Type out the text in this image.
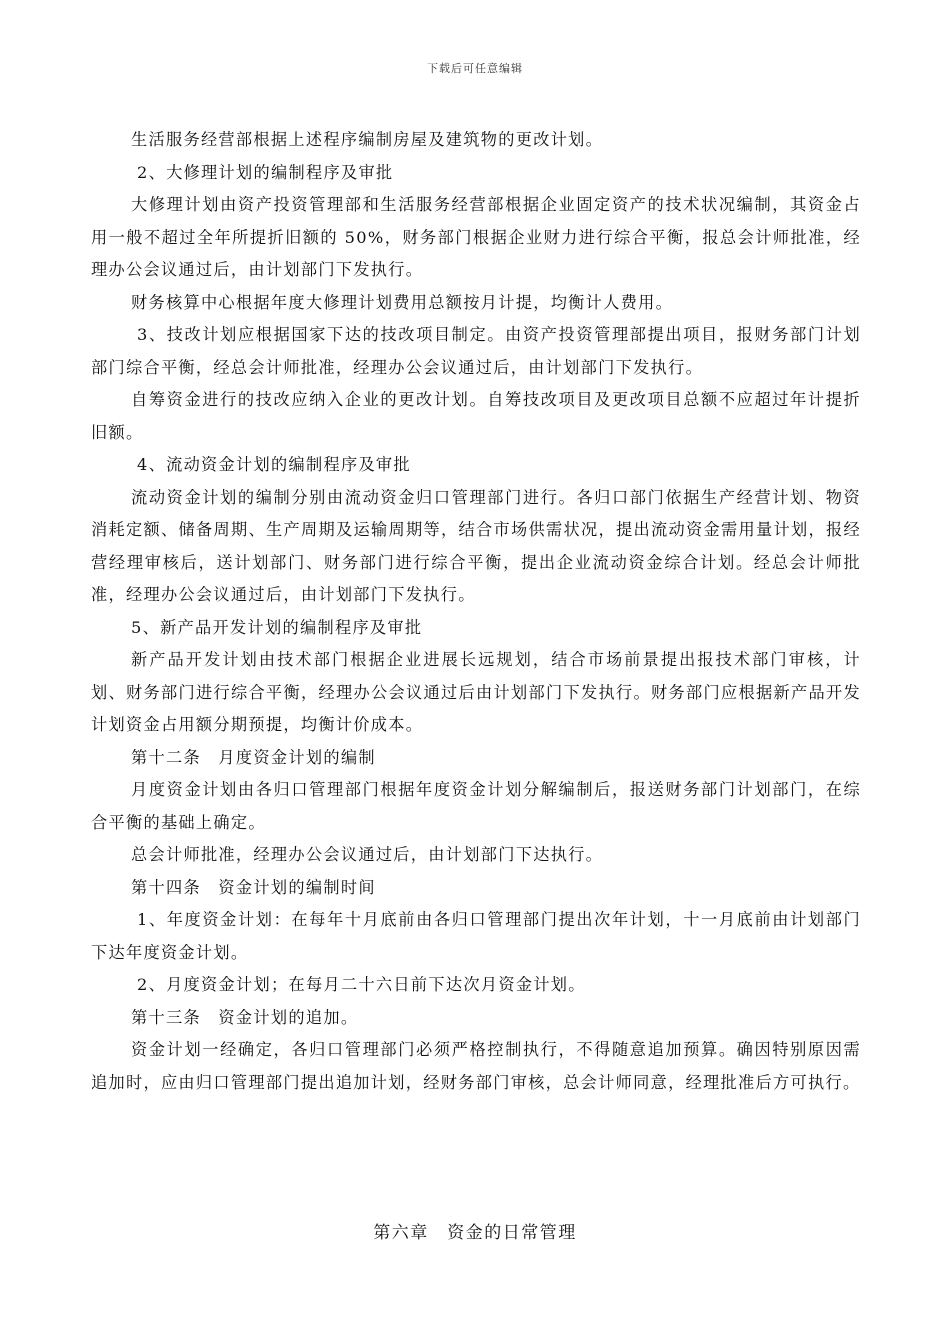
下载后可任意编辑

生活服务经营部根据上述程序编制房屋及建筑物的更改计划。

2、大修理计划的编制程序及审批

大修理计划由资产投资管理部和生活服务经营部根据企业固定资产的技术状况编制，其资金占用一般不超过全年所提折旧额的 50%，财务部门根据企业财力进行综合平衡，报总会计师批准，经理办公会议通过后，由计划部门下发执行。

财务核算中心根据年度大修理计划费用总额按月计提，均衡计人费用。

3、技改计划应根据国家下达的技改项目制定。由资产投资管理部提出项目，报财务部门计划部门综合平衡，经总会计师批准，经理办公会议通过后，由计划部门下发执行。

自筹资金进行的技改应纳入企业的更改计划。自筹技改项目及更改项目总额不应超过年计提折旧额。

4、流动资金计划的编制程序及审批

流动资金计划的编制分别由流动资金归口管理部门进行。各归口部门依据生产经营计划、物资消耗定额、储备周期、生产周期及运输周期等，结合市场供需状况，提出流动资金需用量计划，报经营经理审核后，送计划部门、财务部门进行综合平衡，提出企业流动资金综合计划。经总会计师批准，经理办公会议通过后，由计划部门下发执行。

5、新产品开发计划的编制程序及审批

新产品开发计划由技术部门根据企业进展长远规划，结合市场前景提出报技术部门审核，计划、财务部门进行综合平衡，经理办公会议通过后由计划部门下发执行。财务部门应根据新产品开发计划资金占用额分期预提，均衡计价成本。

第十二条　月度资金计划的编制

月度资金计划由各归口管理部门根据年度资金计划分解编制后，报送财务部门计划部门，在综合平衡的基础上确定。

总会计师批准，经理办公会议通过后，由计划部门下达执行。

第十四条　资金计划的编制时间

1、年度资金计划：在每年十月底前由各归口管理部门提出次年计划，十一月底前由计划部门下达年度资金计划。

2、月度资金计划；在每月二十六日前下达次月资金计划。

第十三条　资金计划的追加。

资金计划一经确定，各归口管理部门必须严格控制执行，不得随意追加预算。确因特别原因需追加时，应由归口管理部门提出追加计划，经财务部门审核，总会计师同意，经理批准后方可执行。

第六章　资金的日常管理
